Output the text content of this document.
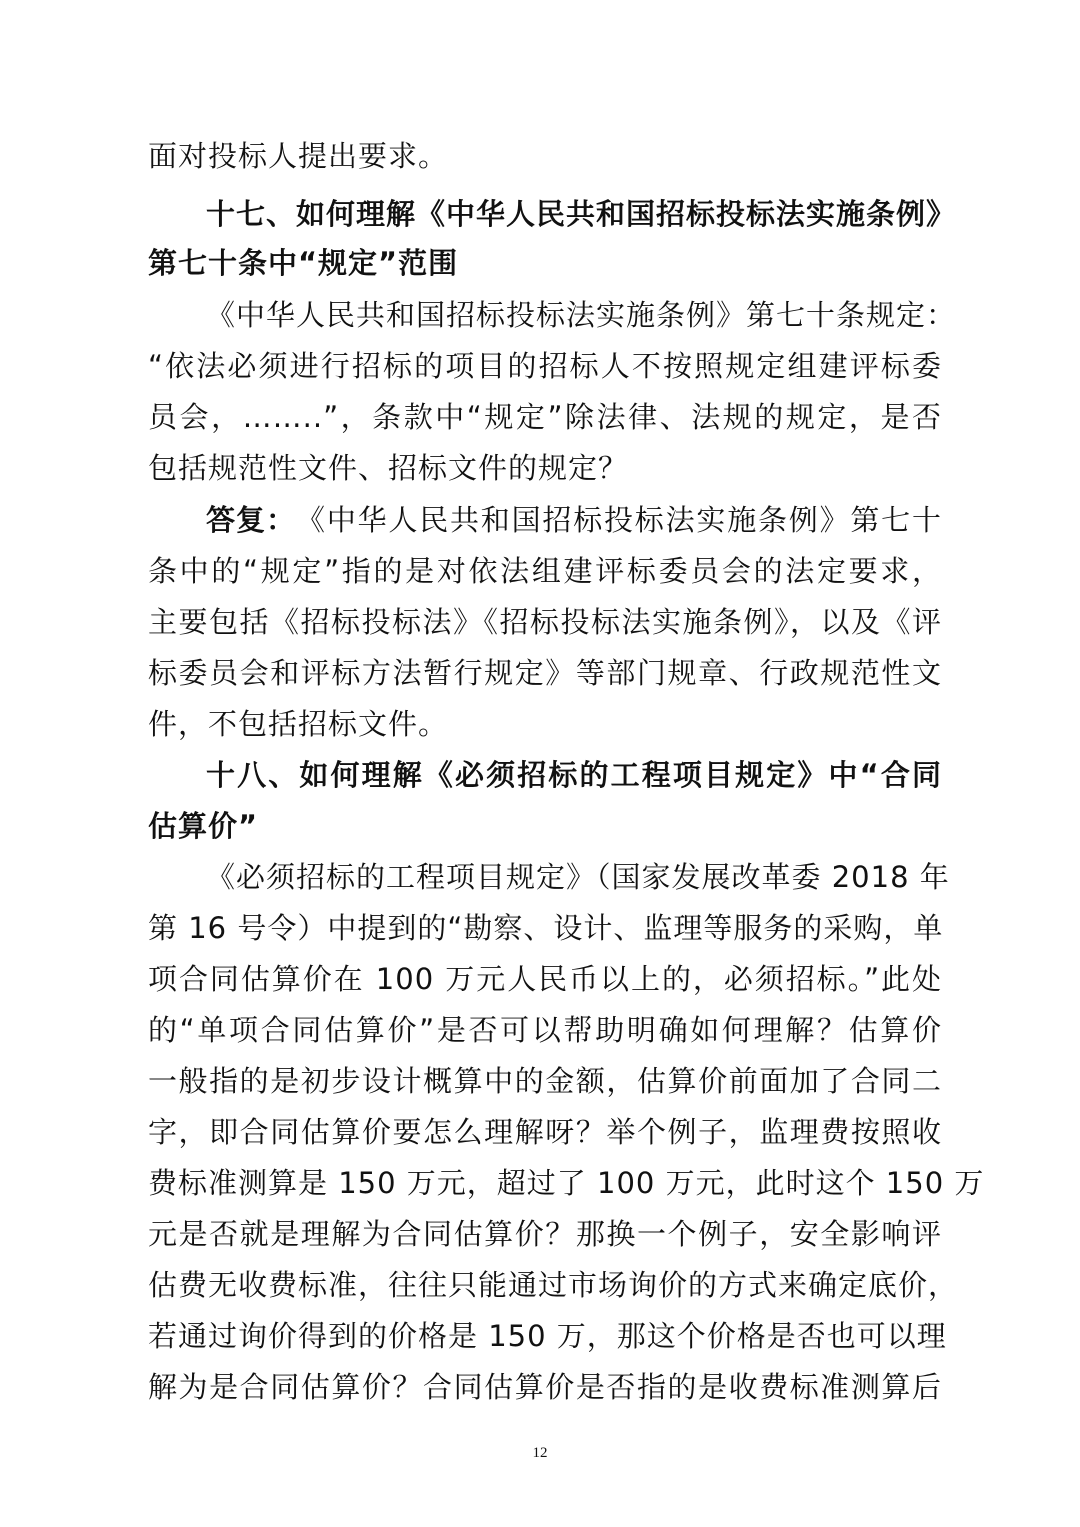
面对投标人提出要求。
十七、如何理解《中华人民共和国招标投标法实施条例》
第七十条中“规定”范围
《中华人民共和国招标投标法实施条例》第七十条规定：
“依法必须进行招标的项目的招标人不按照规定组建评标委
员会，……..”，条款中“规定”除法律、法规的规定，是否
包括规范性文件、招标文件的规定？
答复： 《中华人民共和国招标投标法实施条例》第七十
条中的“规定”指的是对依法组建评标委员会的法定要求，
主要包括《招标投标法》《招标投标法实施条例》，以及《评
标委员会和评标方法暂行规定》等部门规章、行政规范性文
件，不包括招标文件。
十八、如何理解《必须招标的工程项目规定》中“合同
估算价”
《必须招标的工程项目规定》（国家发展改革委 2018 年
第 16 号令）中提到的“勘察、设计、监理等服务的采购，单
项合同估算价在 100 万元人民币以上的，必须招标。”此处
的“单项合同估算价”是否可以帮助明确如何理解？估算价
一般指的是初步设计概算中的金额，估算价前面加了合同二
字，即合同估算价要怎么理解呀？举个例子，监理费按照收
费标准测算是 150 万元，超过了 100 万元，此时这个 150 万
元是否就是理解为合同估算价？那换一个例子，安全影响评
估费无收费标准，往往只能通过市场询价的方式来确定底价，
若通过询价得到的价格是 150 万，那这个价格是否也可以理
解为是合同估算价？合同估算价是否指的是收费标准测算后
12
